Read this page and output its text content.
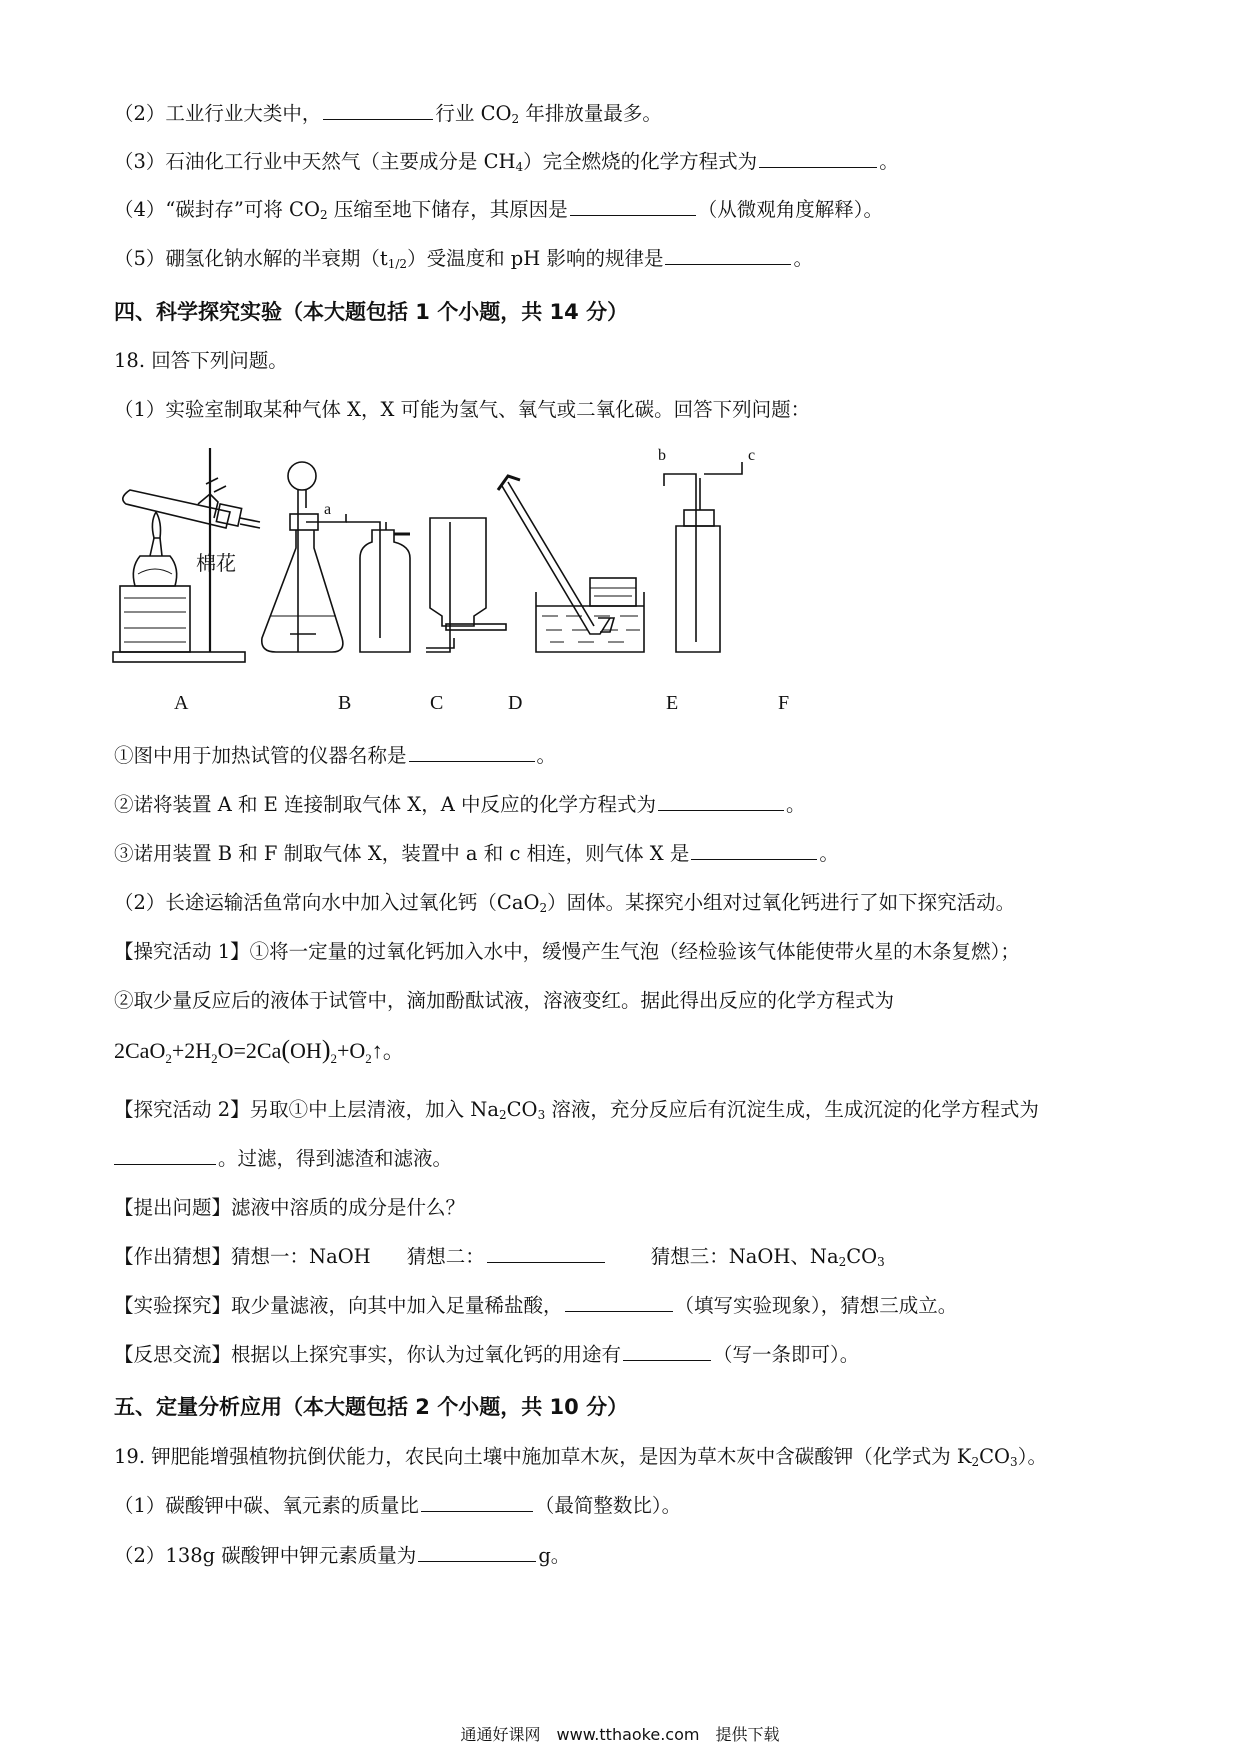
（2）工业行业大类中，	行业 $CO_2$ 年排放量最多。
（3）石油化工行业中天然气（主要成分是 $CH_4$）完全燃烧的化学方程式为	。
（4）“碳封存”可将 $CO_2$ 压缩至地下储存，其原因是	（从微观角度解释）。
（5）硼氢化钠水解的半衰期$(t_{1/2})$受温度和 pH 影响的规律是	。
四、科学探究实验（本大题包括 1 个小题，共 14 分）
18. 回答下列问题。
（1）实验室制取某种气体 X，X 可能为氢气、氧气或二氧化碳。回答下列问题：
棉花
a
b	c
A	B	C	D	E	F
①图中用于加热试管的仪器名称是	。
②诺将装置 A 和 E 连接制取气体 X，A 中反应的化学方程式为	。
③诺用装置 B 和 F 制取气体 X，装置中 a 和 c 相连，则气体 X 是	。
（2）长途运输活鱼常向水中加入过氧化钙（CaO$_2$）固体。某探究小组对过氧化钙进行了如下探究活动。
【操究活动 1】①将一定量的过氧化钙加入水中，缓慢产生气泡（经检验该气体能使带火星的木条复燃）；
②取少量反应后的液体于试管中，滴加酚酞试液，溶液变红。据此得出反应的化学方程式为
$2CaO_2+2H_2O=2Ca(OH)_2+O_2↑$。
【探究活动 2】另取①中上层清液，加入 $Na_2CO_3$ 溶液，充分反应后有沉淀生成，生成沉淀的化学方程式为
。过滤，得到滤渣和滤液。
【提出问题】滤液中溶质的成分是什么？
【作出猜想】猜想一：NaOH 猜想二：	猜想三：NaOH、$Na_2CO_3$
【实验探究】取少量滤液，向其中加入足量稀盐酸，	（填写实验现象），猜想三成立。
【反思交流】根据以上探究事实，你认为过氧化钙的用途有	（写一条即可）。
五、定量分析应用（本大题包括 2 个小题，共 10 分）
19. 钾肥能增强植物抗倒伏能力，农民向土壤中施加草木灰，是因为草木灰中含碳酸钾（化学式为 $K_2CO_3$）。
（1）碳酸钾中碳、氧元素的质量比	（最简整数比）。
（2）138g 碳酸钾中钾元素质量为	g。
通通好课网　www.tthaoke.com　提供下载
